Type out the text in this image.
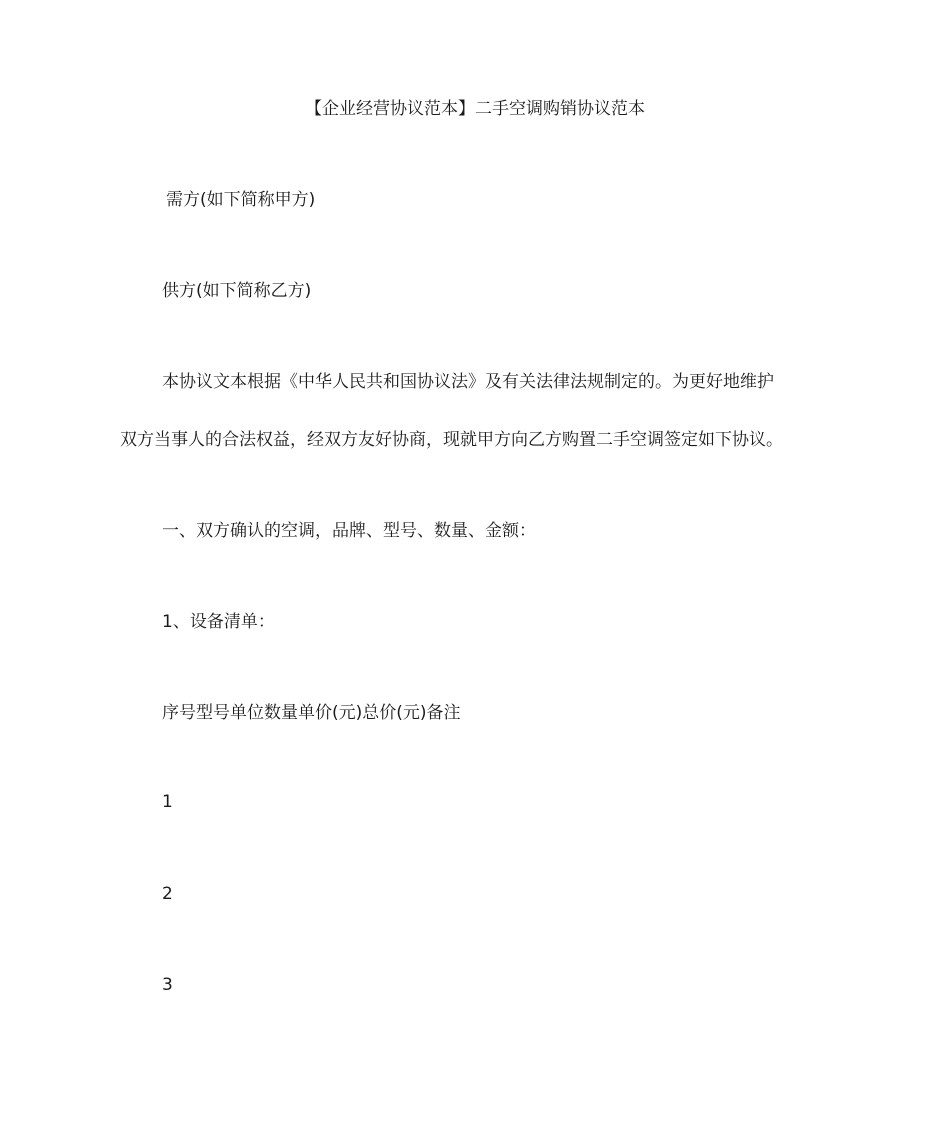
【企业经营协议范本】二手空调购销协议范本
需方(如下简称甲方)
供方(如下简称乙方)
本协议文本根据《中华人民共和国协议法》及有关法律法规制定的。为更好地维护
双方当事人的合法权益，经双方友好协商，现就甲方向乙方购置二手空调签定如下协议。
一、双方确认的空调，品牌、型号、数量、金额：
1、设备清单：
序号型号单位数量单价(元)总价(元)备注
1
2
3
